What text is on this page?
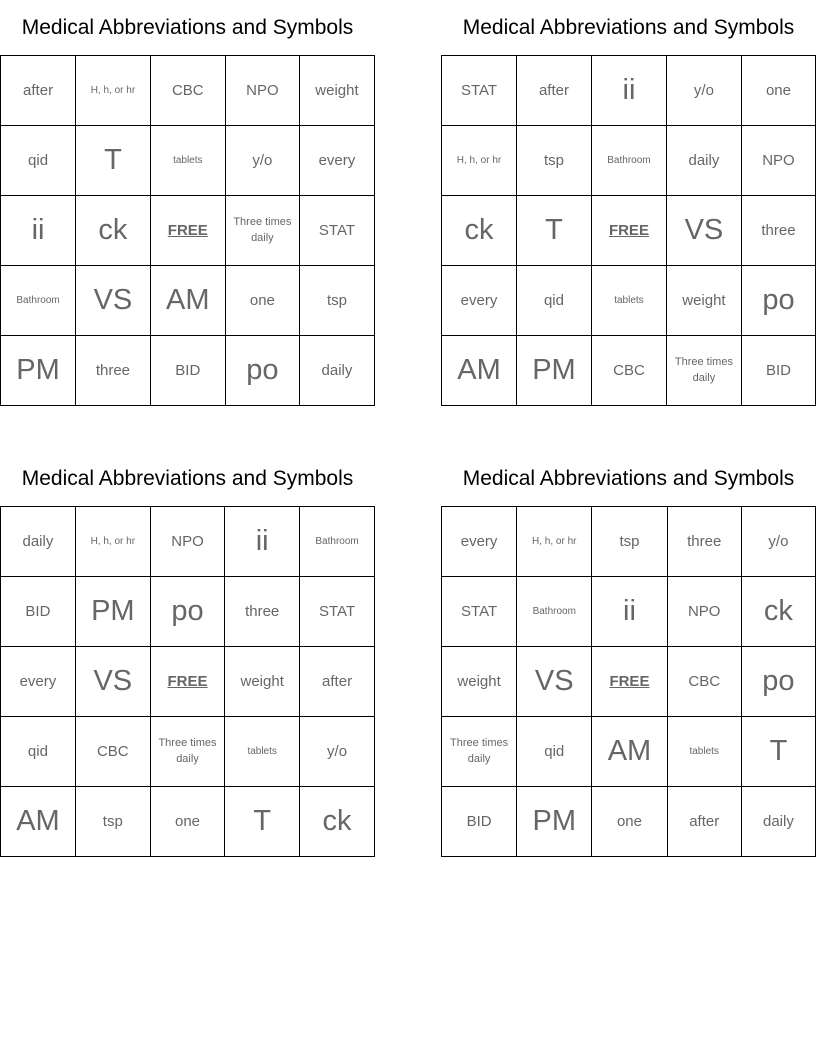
Medical Abbreviations and Symbols
after	H, h, or hr	CBC	NPO	weight
qid	T	tablets	y/o	every
ii	ck	FREE	Three times daily	STAT
Bathroom	VS	AM	one	tsp
PM	three	BID	po	daily
Medical Abbreviations and Symbols
STAT	after	ii	y/o	one
H, h, or hr	tsp	Bathroom	daily	NPO
ck	T	FREE	VS	three
every	qid	tablets	weight	po
AM	PM	CBC	Three times daily	BID
Medical Abbreviations and Symbols
daily	H, h, or hr	NPO	ii	Bathroom
BID	PM	po	three	STAT
every	VS	FREE	weight	after
qid	CBC	Three times daily	tablets	y/o
AM	tsp	one	T	ck
Medical Abbreviations and Symbols
every	H, h, or hr	tsp	three	y/o
STAT	Bathroom	ii	NPO	ck
weight	VS	FREE	CBC	po
Three times daily	qid	AM	tablets	T
BID	PM	one	after	daily
